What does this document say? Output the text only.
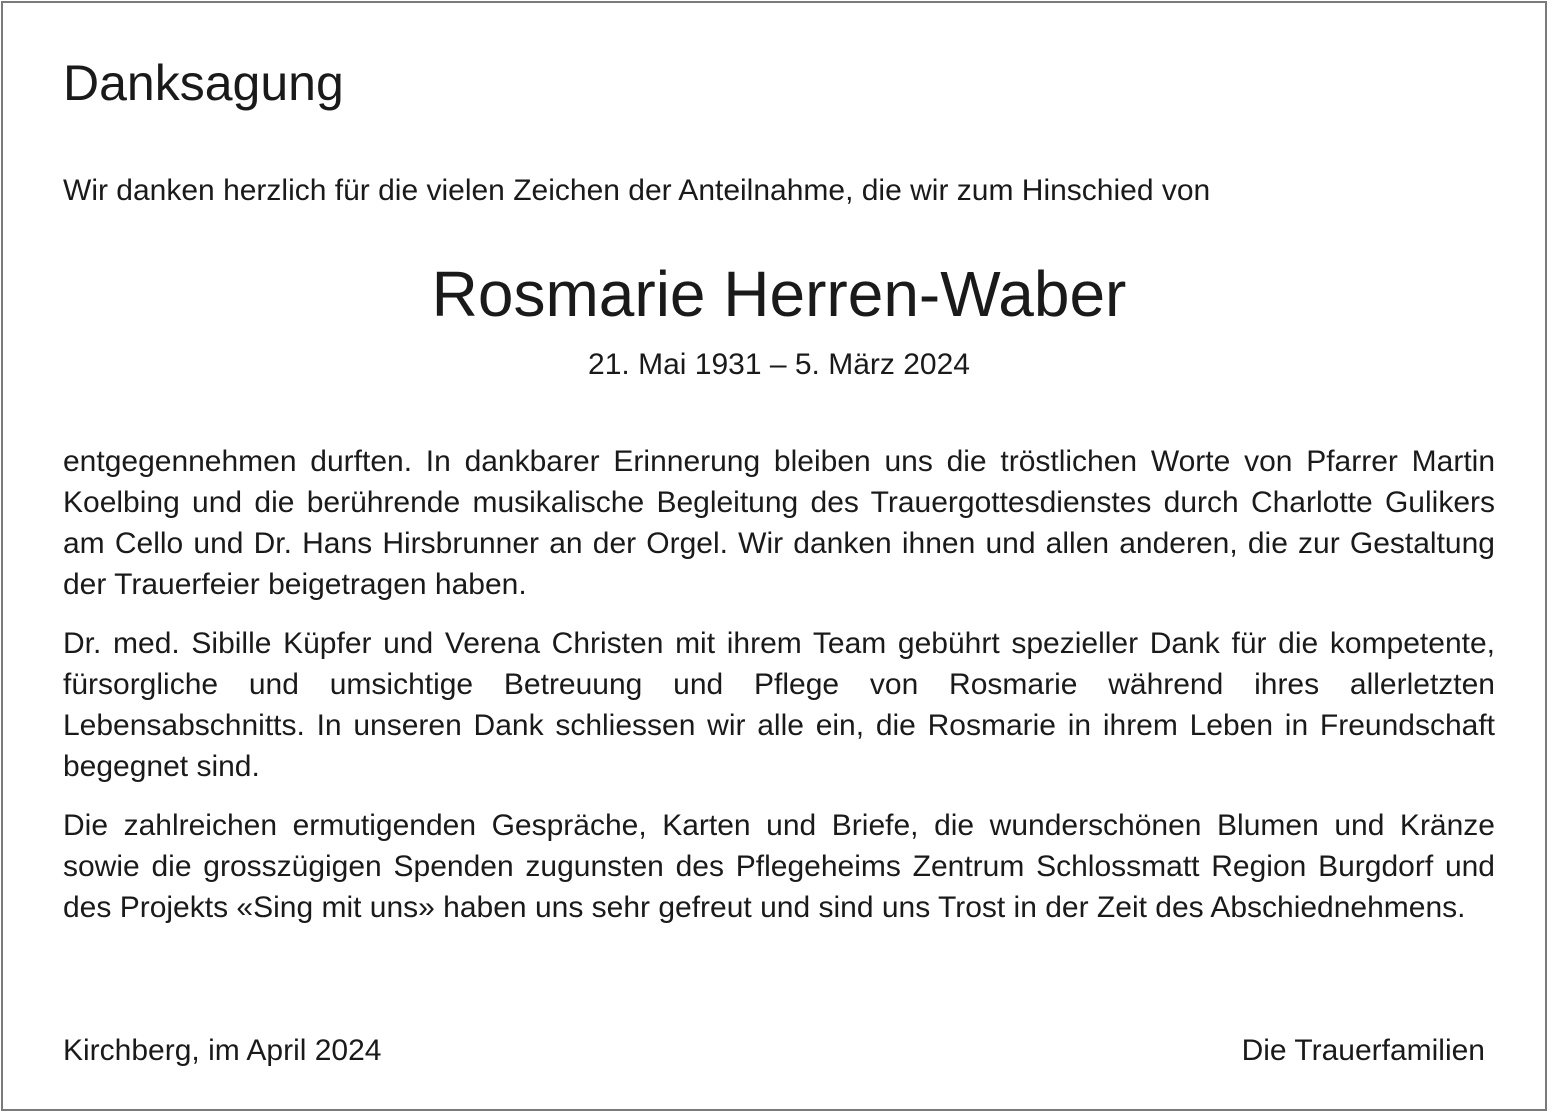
Danksagung
Wir danken herzlich für die vielen Zeichen der Anteilnahme, die wir zum Hinschied von
Rosmarie Herren-Waber
21. Mai 1931 – 5. März 2024

entgegennehmen durften. In dankbarer Erinnerung bleiben uns die tröstlichen Worte von Pfarrer Martin Koelbing und die berührende musikalische Begleitung des Trauergottesdienstes durch Charlotte Gulikers am Cello und Dr. Hans Hirsbrunner an der Orgel. Wir danken ihnen und allen anderen, die zur Gestaltung der Trauerfeier beigetragen haben.

Dr. med. Sibille Küpfer und Verena Christen mit ihrem Team gebührt spezieller Dank für die kompetente, fürsorgliche und umsichtige Betreuung und Pflege von Rosmarie während ihres allerletzten Lebensabschnitts. In unseren Dank schliessen wir alle ein, die Rosmarie in ihrem Leben in Freundschaft begegnet sind.

Die zahlreichen ermutigenden Gespräche, Karten und Briefe, die wunderschönen Blumen und Kränze sowie die grosszügigen Spenden zugunsten des Pflegeheims Zentrum Schlossmatt Region Burgdorf und des Projekts «Sing mit uns» haben uns sehr gefreut und sind uns Trost in der Zeit des Abschiednehmens.

Kirchberg, im April 2024	Die Trauerfamilien
